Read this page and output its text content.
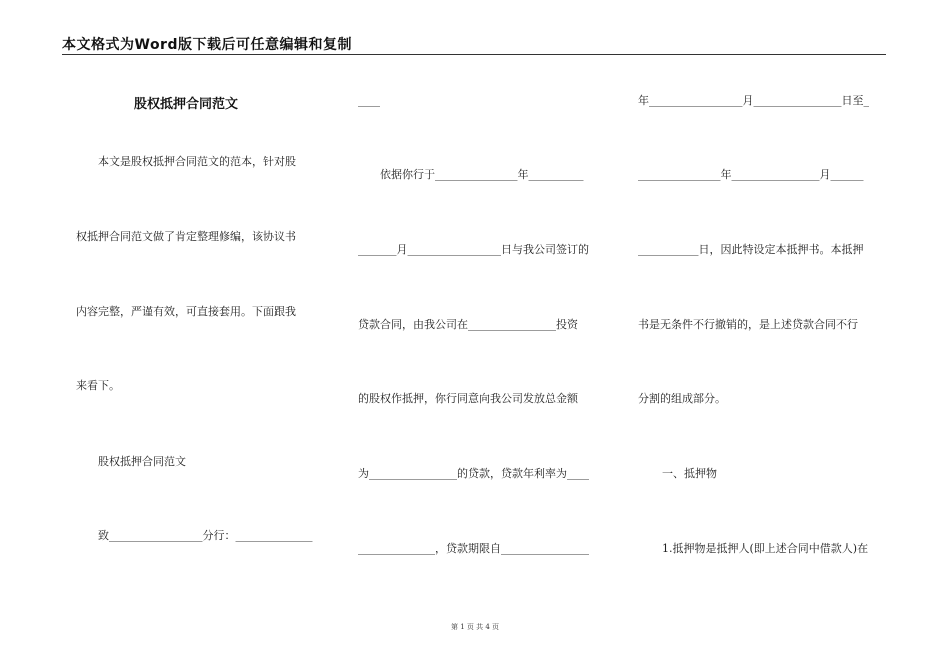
本文格式为Word版下载后可任意编辑和复制
股权抵押合同范文
本文是股权抵押合同范文的范本，针对股
权抵押合同范文做了肯定整理修编，该协议书
内容完整，严谨有效，可直接套用。下面跟我
来看下。
股权抵押合同范文
致_________________分行：______________
____
依据你行于_______________年__________
_______月_________________日与我公司签订的
贷款合同，由我公司在________________投资
的股权作抵押，你行同意向我公司发放总金额
为________________的贷款，贷款年利率为____
______________，贷款期限自________________
年_________________月________________日至_
_______________年________________月______
___________日，因此特设定本抵押书。本抵押
书是无条件不行撤销的，是上述贷款合同不行
分割的组成部分。
一、抵押物
1.抵押物是抵押人(即上述合同中借款人)在
第 1 页 共 4 页
